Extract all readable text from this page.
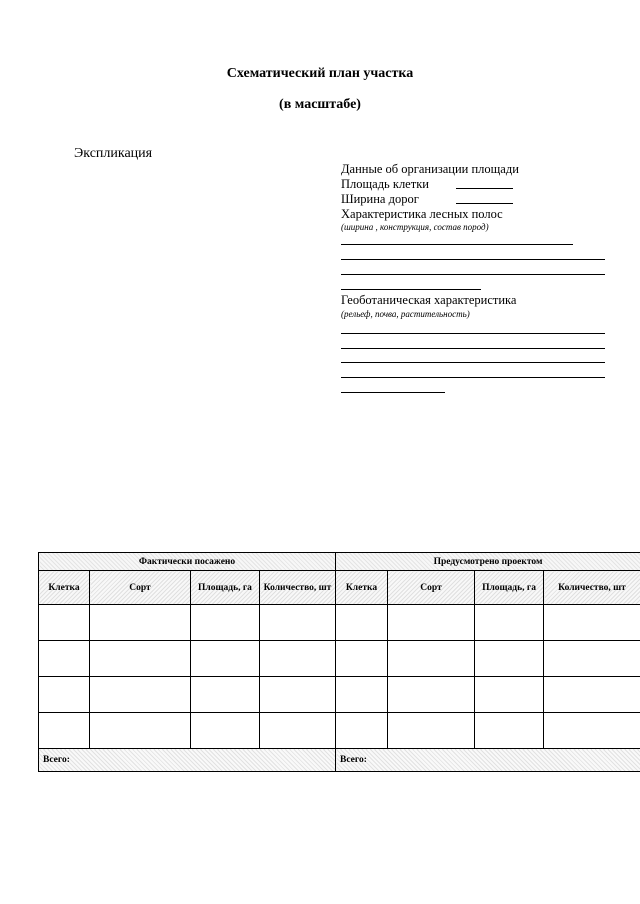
Схематический план участка
(в масштабе)
Экспликация
Данные об организации площади
Площадь клетки
Ширина дорог
Характеристика лесных полос
(ширина , конструкция, состав пород)
Геоботаническая характеристика
(рельеф, почва, растительность)
Фактически посажено				Предусмотрено проектом			
Клетка	Сорт	Площадь, га	Количество, шт	Клетка	Сорт	Площадь, га	Количество, шт

Всего:				Всего:			
